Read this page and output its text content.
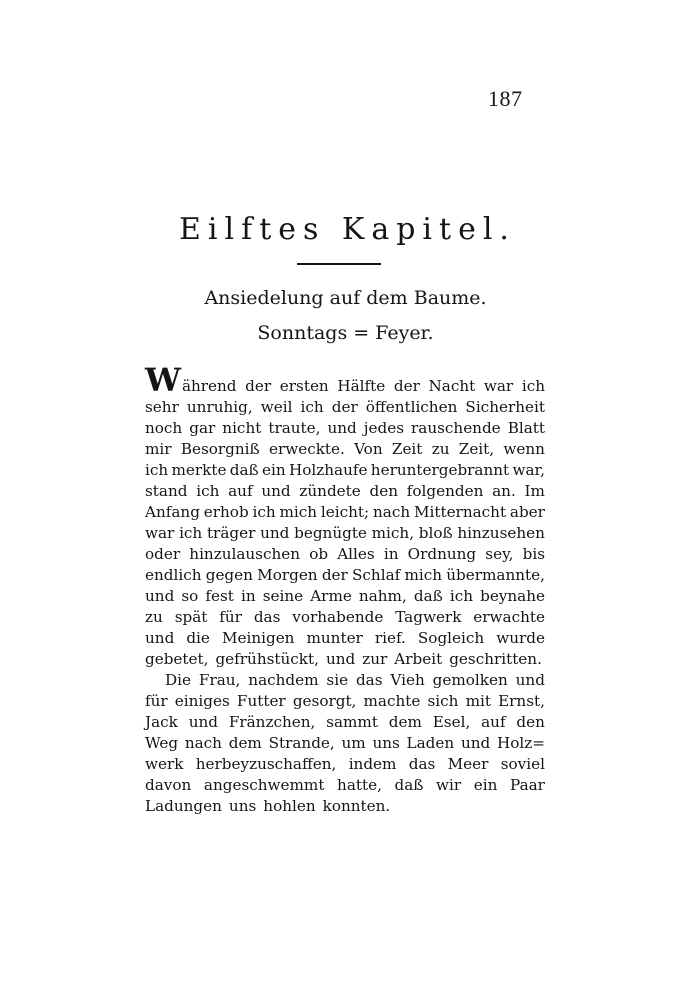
187
Eilftes Kapitel.
Ansiedelung auf dem Baume.
Sonntags = Feyer.
Während der ersten Hälfte der Nacht war ich
sehr unruhig, weil ich der öffentlichen Sicherheit
noch gar nicht traute, und jedes rauschende Blatt
mir Besorgniß erweckte. Von Zeit zu Zeit, wenn
ich merkte daß ein Holzhaufe heruntergebrannt war,
stand ich auf und zündete den folgenden an. Im
Anfang erhob ich mich leicht; nach Mitternacht aber
war ich träger und begnügte mich, bloß hinzusehen
oder hinzulauschen ob Alles in Ordnung sey, bis
endlich gegen Morgen der Schlaf mich übermannte,
und so fest in seine Arme nahm, daß ich beynahe
zu spät für das vorhabende Tagwerk erwachte
und die Meinigen munter rief. Sogleich wurde
gebetet, gefrühstückt, und zur Arbeit geschritten.
Die Frau, nachdem sie das Vieh gemolken und
für einiges Futter gesorgt, machte sich mit Ernst,
Jack und Fränzchen, sammt dem Esel, auf den
Weg nach dem Strande, um uns Laden und Holz=
werk herbeyzuschaffen, indem das Meer soviel
davon angeschwemmt hatte, daß wir ein Paar
Ladungen uns hohlen konnten.
